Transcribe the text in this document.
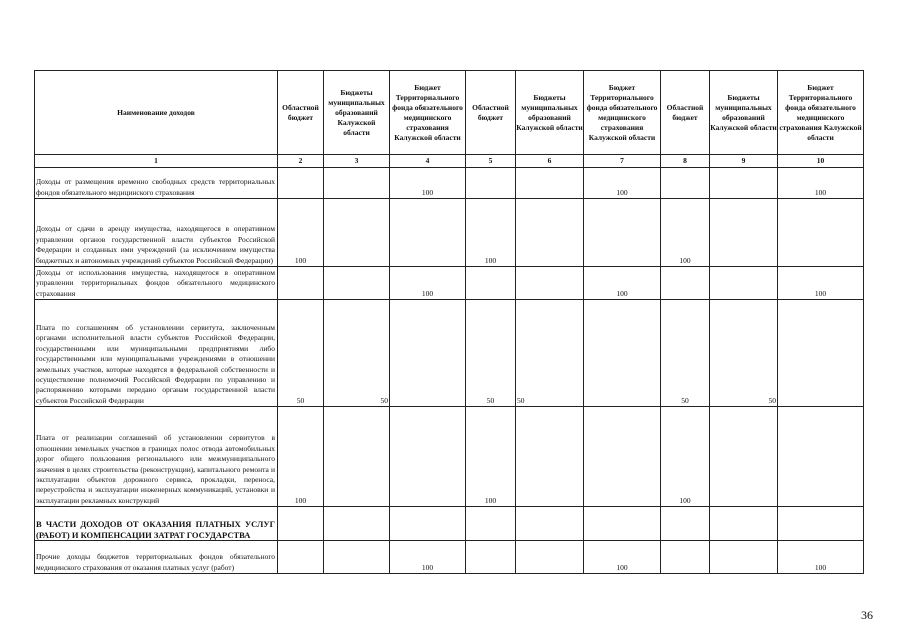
Наименование доходов	Областной бюджет	Бюджеты муниципальных образований Калужской области	Бюджет Территориального фонда обязательного медицинского страхования Калужской области	Областной бюджет	Бюджеты муниципальных образований Калужской области	Бюджет Территориального фонда обязательного медицинского страхования Калужской области	Областной бюджет	Бюджеты муниципальных образований Калужской области	Бюджет Территориального фонда обязательного медицинского страхования Калужской области
1	2	3	4	5	6	7	8	9	10
Доходы от размещения временно свободных средств территориальных фондов обязательного медицинского страхования			100			100			100
Доходы от сдачи в аренду имущества, находящегося в оперативном управлении органов государственной власти субъектов Российской Федерации и созданных ими учреждений (за исключением имущества бюджетных и автономных учреждений субъектов Российской Федерации)	100			100			100		
Доходы от использования имущества, находящегося в оперативном управлении территориальных фондов обязательного медицинского страхования			100			100			100
Плата по соглашениям об установлении сервитута, заключенным органами исполнительной власти субъектов Российской Федерации, государственными или муниципальными предприятиями либо государственными или муниципальными учреждениями в отношении земельных участков, которые находятся в федеральной собственности и осуществление полномочий Российской Федерации по управлению и распоряжению которыми передано органам государственной власти субъектов Российской Федерации	50	50		50	50		50	50	
Плата от реализации соглашений об установлении сервитутов в отношении земельных участков в границах полос отвода автомобильных дорог общего пользования регионального или межмуниципального значения в целях строительства (реконструкции), капитального ремонта и эксплуатации объектов дорожного сервиса, прокладки, переноса, переустройства и эксплуатации инженерных коммуникаций, установки и эксплуатации рекламных конструкций	100			100			100		
В ЧАСТИ ДОХОДОВ ОТ ОКАЗАНИЯ ПЛАТНЫХ УСЛУГ (РАБОТ) И КОМПЕНСАЦИИ ЗАТРАТ ГОСУДАРСТВА									
Прочие доходы бюджетов территориальных фондов обязательного медицинского страхования от оказания платных услуг (работ)			100			100			100
36
